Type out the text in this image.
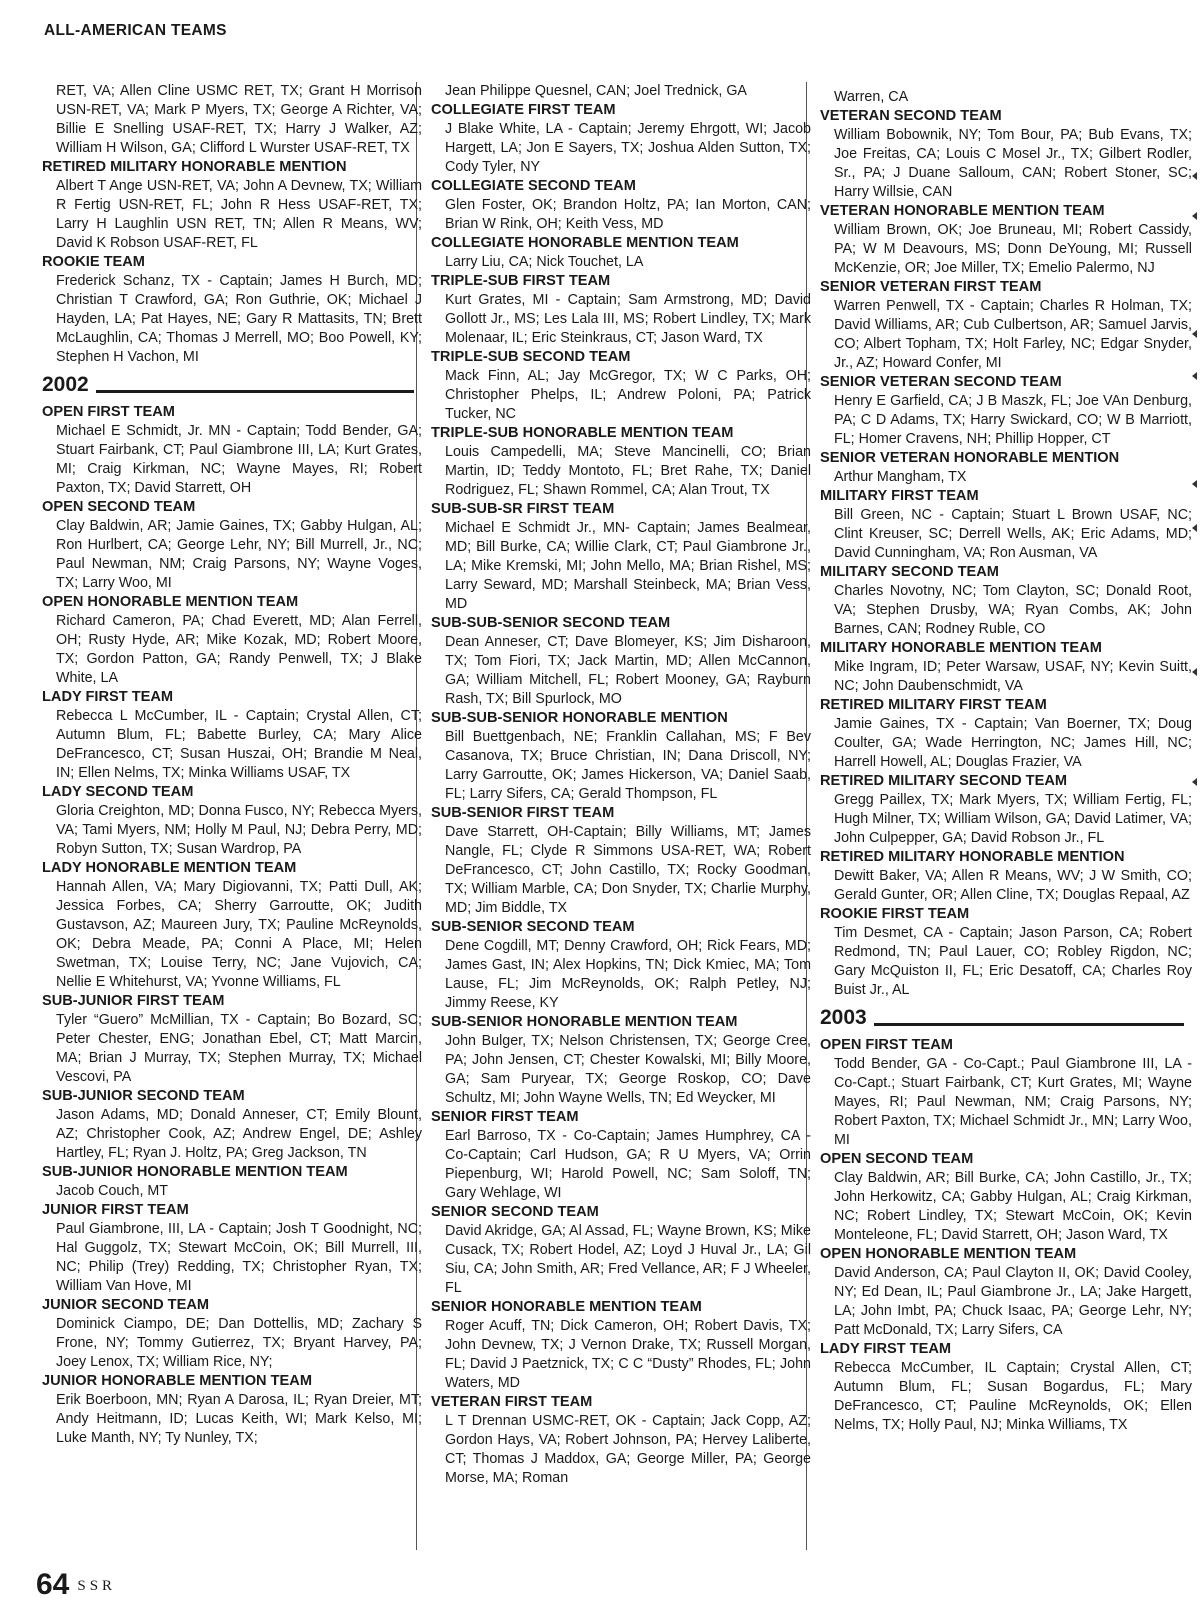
ALL-AMERICAN TEAMS
RET, VA; Allen Cline USMC RET, TX; Grant H Morrison USN-RET, VA; Mark P Myers, TX; George A Richter, VA; Billie E Snelling USAF-RET, TX; Harry J Walker, AZ; William H Wilson, GA; Clifford L Wurster USAF-RET, TX
RETIRED MILITARY HONORABLE MENTION
Albert T Ange USN-RET, VA; John A Devnew, TX; William R Fertig USN-RET, FL; John R Hess USAF-RET, TX; Larry H Laughlin USN RET, TN; Allen R Means, WV; David K Robson USAF-RET, FL
ROOKIE TEAM
Frederick Schanz, TX - Captain; James H Burch, MD; Christian T Crawford, GA; Ron Guthrie, OK; Michael J Hayden, LA; Pat Hayes, NE; Gary R Mattasits, TN; Brett McLaughlin, CA; Thomas J Merrell, MO; Boo Powell, KY; Stephen H Vachon, MI
2002
OPEN FIRST TEAM
Michael E Schmidt, Jr. MN - Captain; Todd Bender, GA; Stuart Fairbank, CT; Paul Giambrone III, LA; Kurt Grates, MI; Craig Kirkman, NC; Wayne Mayes, RI; Robert Paxton, TX; David Starrett, OH
OPEN SECOND TEAM
Clay Baldwin, AR; Jamie Gaines, TX; Gabby Hulgan, AL; Ron Hurlbert, CA; George Lehr, NY; Bill Murrell, Jr., NC; Paul Newman, NM; Craig Parsons, NY; Wayne Voges, TX; Larry Woo, MI
OPEN HONORABLE MENTION TEAM
Richard Cameron, PA; Chad Everett, MD; Alan Ferrell, OH; Rusty Hyde, AR; Mike Kozak, MD; Robert Moore, TX; Gordon Patton, GA; Randy Penwell, TX; J Blake White, LA
LADY FIRST TEAM
Rebecca L McCumber, IL - Captain; Crystal Allen, CT; Autumn Blum, FL; Babette Burley, CA; Mary Alice DeFrancesco, CT; Susan Huszai, OH; Brandie M Neal, IN; Ellen Nelms, TX; Minka Williams USAF, TX
LADY SECOND TEAM
Gloria Creighton, MD; Donna Fusco, NY; Rebecca Myers, VA; Tami Myers, NM; Holly M Paul, NJ; Debra Perry, MD; Robyn Sutton, TX; Susan Wardrop, PA
LADY HONORABLE MENTION TEAM
Hannah Allen, VA; Mary Digiovanni, TX; Patti Dull, AK; Jessica Forbes, CA; Sherry Garroutte, OK; Judith Gustavson, AZ; Maureen Jury, TX; Pauline McReynolds, OK; Debra Meade, PA; Conni A Place, MI; Helen Swetman, TX; Louise Terry, NC; Jane Vujovich, CA; Nellie E Whitehurst, VA; Yvonne Williams, FL
SUB-JUNIOR FIRST TEAM
Tyler “Guero” McMillian, TX - Captain; Bo Bozard, SC; Peter Chester, ENG; Jonathan Ebel, CT; Matt Marcin, MA; Brian J Murray, TX; Stephen Murray, TX; Michael Vescovi, PA
SUB-JUNIOR SECOND TEAM
Jason Adams, MD; Donald Anneser, CT; Emily Blount, AZ; Christopher Cook, AZ; Andrew Engel, DE; Ashley Hartley, FL; Ryan J. Holtz, PA; Greg Jackson, TN
SUB-JUNIOR HONORABLE MENTION TEAM
Jacob Couch, MT
JUNIOR FIRST TEAM
Paul Giambrone, III, LA - Captain; Josh T Goodnight, NC; Hal Guggolz, TX; Stewart McCoin, OK; Bill Murrell, III, NC; Philip (Trey) Redding, TX; Christopher Ryan, TX; William Van Hove, MI
JUNIOR SECOND TEAM
Dominick Ciampo, DE; Dan Dottellis, MD; Zachary S Frone, NY; Tommy Gutierrez, TX; Bryant Harvey, PA; Joey Lenox, TX; William Rice, NY;
JUNIOR HONORABLE MENTION TEAM
Erik Boerboon, MN; Ryan A Darosa, IL; Ryan Dreier, MT; Andy Heitmann, ID; Lucas Keith, WI; Mark Kelso, MI; Luke Manth, NY; Ty Nunley, TX;
Jean Philippe Quesnel, CAN; Joel Trednick, GA
COLLEGIATE FIRST TEAM
J Blake White, LA - Captain; Jeremy Ehrgott, WI; Jacob Hargett, LA; Jon E Sayers, TX; Joshua Alden Sutton, TX; Cody Tyler, NY
COLLEGIATE SECOND TEAM
Glen Foster, OK; Brandon Holtz, PA; Ian Morton, CAN; Brian W Rink, OH; Keith Vess, MD
COLLEGIATE HONORABLE MENTION TEAM
Larry Liu, CA; Nick Touchet, LA
TRIPLE-SUB FIRST TEAM
Kurt Grates, MI - Captain; Sam Armstrong, MD; David Gollott Jr., MS; Les Lala III, MS; Robert Lindley, TX; Mark Molenaar, IL; Eric Steinkraus, CT; Jason Ward, TX
TRIPLE-SUB SECOND TEAM
Mack Finn, AL; Jay McGregor, TX; W C Parks, OH; Christopher Phelps, IL; Andrew Poloni, PA; Patrick Tucker, NC
TRIPLE-SUB HONORABLE MENTION TEAM
Louis Campedelli, MA; Steve Mancinelli, CO; Brian Martin, ID; Teddy Montoto, FL; Bret Rahe, TX; Daniel Rodriguez, FL; Shawn Rommel, CA; Alan Trout, TX
SUB-SUB-SR FIRST TEAM
Michael E Schmidt Jr., MN- Captain; James Bealmear, MD; Bill Burke, CA; Willie Clark, CT; Paul Giambrone Jr., LA; Mike Kremski, MI; John Mello, MA; Brian Rishel, MS; Larry Seward, MD; Marshall Steinbeck, MA; Brian Vess, MD
SUB-SUB-SENIOR SECOND TEAM
Dean Anneser, CT; Dave Blomeyer, KS; Jim Disharoon, TX; Tom Fiori, TX; Jack Martin, MD; Allen McCannon, GA; William Mitchell, FL; Robert Mooney, GA; Rayburn Rash, TX; Bill Spurlock, MO
SUB-SUB-SENIOR HONORABLE MENTION
Bill Buettgenbach, NE; Franklin Callahan, MS; F Bev Casanova, TX; Bruce Christian, IN; Dana Driscoll, NY; Larry Garroutte, OK; James Hickerson, VA; Daniel Saab, FL; Larry Sifers, CA; Gerald Thompson, FL
SUB-SENIOR FIRST TEAM
Dave Starrett, OH-Captain; Billy Williams, MT; James Nangle, FL; Clyde R Simmons USA-RET, WA; Robert DeFrancesco, CT; John Castillo, TX; Rocky Goodman, TX; William Marble, CA; Don Snyder, TX; Charlie Murphy, MD; Jim Biddle, TX
SUB-SENIOR SECOND TEAM
Dene Cogdill, MT; Denny Crawford, OH; Rick Fears, MD; James Gast, IN; Alex Hopkins, TN; Dick Kmiec, MA; Tom Lause, FL; Jim McReynolds, OK; Ralph Petley, NJ; Jimmy Reese, KY
SUB-SENIOR HONORABLE MENTION TEAM
John Bulger, TX; Nelson Christensen, TX; George Cree, PA; John Jensen, CT; Chester Kowalski, MI; Billy Moore, GA; Sam Puryear, TX; George Roskop, CO; Dave Schultz, MI; John Wayne Wells, TN; Ed Weycker, MI
SENIOR FIRST TEAM
Earl Barroso, TX - Co-Captain; James Humphrey, CA - Co-Captain; Carl Hudson, GA; R U Myers, VA; Orrin Piepenburg, WI; Harold Powell, NC; Sam Soloff, TN; Gary Wehlage, WI
SENIOR SECOND TEAM
David Akridge, GA; Al Assad, FL; Wayne Brown, KS; Mike Cusack, TX; Robert Hodel, AZ; Loyd J Huval Jr., LA; Gil Siu, CA; John Smith, AR; Fred Vellance, AR; F J Wheeler, FL
SENIOR HONORABLE MENTION TEAM
Roger Acuff, TN; Dick Cameron, OH; Robert Davis, TX; John Devnew, TX; J Vernon Drake, TX; Russell Morgan, FL; David J Paetznick, TX; C C “Dusty” Rhodes, FL; John Waters, MD
VETERAN FIRST TEAM
L T Drennan USMC-RET, OK - Captain; Jack Copp, AZ; Gordon Hays, VA; Robert Johnson, PA; Hervey Laliberte, CT; Thomas J Maddox, GA; George Miller, PA; George Morse, MA; Roman
Warren, CA
VETERAN SECOND TEAM
William Bobownik, NY; Tom Bour, PA; Bub Evans, TX; Joe Freitas, CA; Louis C Mosel Jr., TX; Gilbert Rodler, Sr., PA; J Duane Salloum, CAN; Robert Stoner, SC; Harry Willsie, CAN
VETERAN HONORABLE MENTION TEAM
William Brown, OK; Joe Bruneau, MI; Robert Cassidy, PA; W M Deavours, MS; Donn DeYoung, MI; Russell McKenzie, OR; Joe Miller, TX; Emelio Palermo, NJ
SENIOR VETERAN FIRST TEAM
Warren Penwell, TX - Captain; Charles R Holman, TX; David Williams, AR; Cub Culbertson, AR; Samuel Jarvis, CO; Albert Topham, TX; Holt Farley, NC; Edgar Snyder, Jr., AZ; Howard Confer, MI
SENIOR VETERAN SECOND TEAM
Henry E Garfield, CA; J B Maszk, FL; Joe VAn Denburg, PA; C D Adams, TX; Harry Swickard, CO; W B Marriott, FL; Homer Cravens, NH; Phillip Hopper, CT
SENIOR VETERAN HONORABLE MENTION
Arthur Mangham, TX
MILITARY FIRST TEAM
Bill Green, NC - Captain; Stuart L Brown USAF, NC; Clint Kreuser, SC; Derrell Wells, AK; Eric Adams, MD; David Cunningham, VA; Ron Ausman, VA
MILITARY SECOND TEAM
Charles Novotny, NC; Tom Clayton, SC; Donald Root, VA; Stephen Drusby, WA; Ryan Combs, AK; John Barnes, CAN; Rodney Ruble, CO
MILITARY HONORABLE MENTION TEAM
Mike Ingram, ID; Peter Warsaw, USAF, NY; Kevin Suitt, NC; John Daubenschmidt, VA
RETIRED MILITARY FIRST TEAM
Jamie Gaines, TX - Captain; Van Boerner, TX; Doug Coulter, GA; Wade Herrington, NC; James Hill, NC; Harrell Howell, AL; Douglas Frazier, VA
RETIRED MILITARY SECOND TEAM
Gregg Paillex, TX; Mark Myers, TX; William Fertig, FL; Hugh Milner, TX; William Wilson, GA; David Latimer, VA; John Culpepper, GA; David Robson Jr., FL
RETIRED MILITARY HONORABLE MENTION
Dewitt Baker, VA; Allen R Means, WV; J W Smith, CO; Gerald Gunter, OR; Allen Cline, TX; Douglas Repaal, AZ
ROOKIE FIRST TEAM
Tim Desmet, CA - Captain; Jason Parson, CA; Robert Redmond, TN; Paul Lauer, CO; Robley Rigdon, NC; Gary McQuiston II, FL; Eric Desatoff, CA; Charles Roy Buist Jr., AL
2003
OPEN FIRST TEAM
Todd Bender, GA - Co-Capt.; Paul Giambrone III, LA - Co-Capt.; Stuart Fairbank, CT; Kurt Grates, MI; Wayne Mayes, RI; Paul Newman, NM; Craig Parsons, NY; Robert Paxton, TX; Michael Schmidt Jr., MN; Larry Woo, MI
OPEN SECOND TEAM
Clay Baldwin, AR; Bill Burke, CA; John Castillo, Jr., TX; John Herkowitz, CA; Gabby Hulgan, AL; Craig Kirkman, NC; Robert Lindley, TX; Stewart McCoin, OK; Kevin Monteleone, FL; David Starrett, OH; Jason Ward, TX
OPEN HONORABLE MENTION TEAM
David Anderson, CA; Paul Clayton II, OK; David Cooley, NY; Ed Dean, IL; Paul Giambrone Jr., LA; Jake Hargett, LA; John Imbt, PA; Chuck Isaac, PA; George Lehr, NY; Patt McDonald, TX; Larry Sifers, CA
LADY FIRST TEAM
Rebecca McCumber, IL Captain; Crystal Allen, CT; Autumn Blum, FL; Susan Bogardus, FL; Mary DeFrancesco, CT; Pauline McReynolds, OK; Ellen Nelms, TX; Holly Paul, NJ; Minka Williams, TX
64 SSR
